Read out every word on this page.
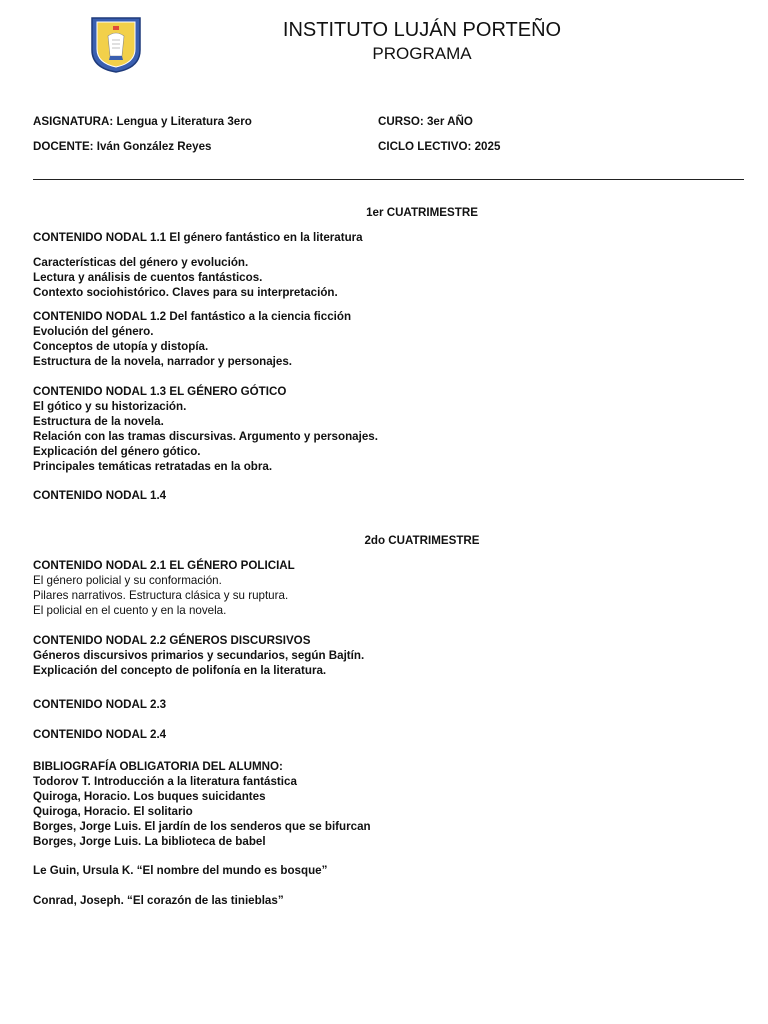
INSTITUTO LUJÁN PORTEÑO
PROGRAMA
ASIGNATURA: Lengua y Literatura 3ero	CURSO: 3er AÑO
DOCENTE: Iván González Reyes	CICLO LECTIVO: 2025
1er CUATRIMESTRE
CONTENIDO NODAL 1.1 El género fantástico en la literatura
Características del género y evolución.
Lectura y análisis de cuentos fantásticos.
Contexto sociohistórico. Claves para su interpretación.
CONTENIDO NODAL 1.2 Del fantástico a la ciencia ficción
Evolución del género.
Conceptos de utopía y distopía.
Estructura de la novela, narrador y personajes.
CONTENIDO NODAL 1.3 EL GÉNERO GÓTICO
El gótico y su historización.
Estructura de la novela.
Relación con las tramas discursivas. Argumento y personajes.
Explicación del género gótico.
Principales temáticas retratadas en la obra.
CONTENIDO NODAL 1.4
2do CUATRIMESTRE
CONTENIDO NODAL 2.1 EL GÉNERO POLICIAL
El género policial y su conformación.
Pilares narrativos. Estructura clásica y su ruptura.
El policial en el cuento y en la novela.
CONTENIDO NODAL 2.2 GÉNEROS DISCURSIVOS
Géneros discursivos primarios y secundarios, según Bajtín.
Explicación del concepto de polifonía en la literatura.
CONTENIDO NODAL 2.3
CONTENIDO NODAL 2.4
BIBLIOGRAFÍA OBLIGATORIA DEL ALUMNO:
Todorov T. Introducción a la literatura fantástica
Quiroga, Horacio. Los buques suicidantes
Quiroga, Horacio. El solitario
Borges, Jorge Luis. El jardín de los senderos que se bifurcan
Borges, Jorge Luis. La biblioteca de babel
Le Guin, Ursula K. “El nombre del mundo es bosque”
Conrad, Joseph. “El corazón de las tinieblas”
